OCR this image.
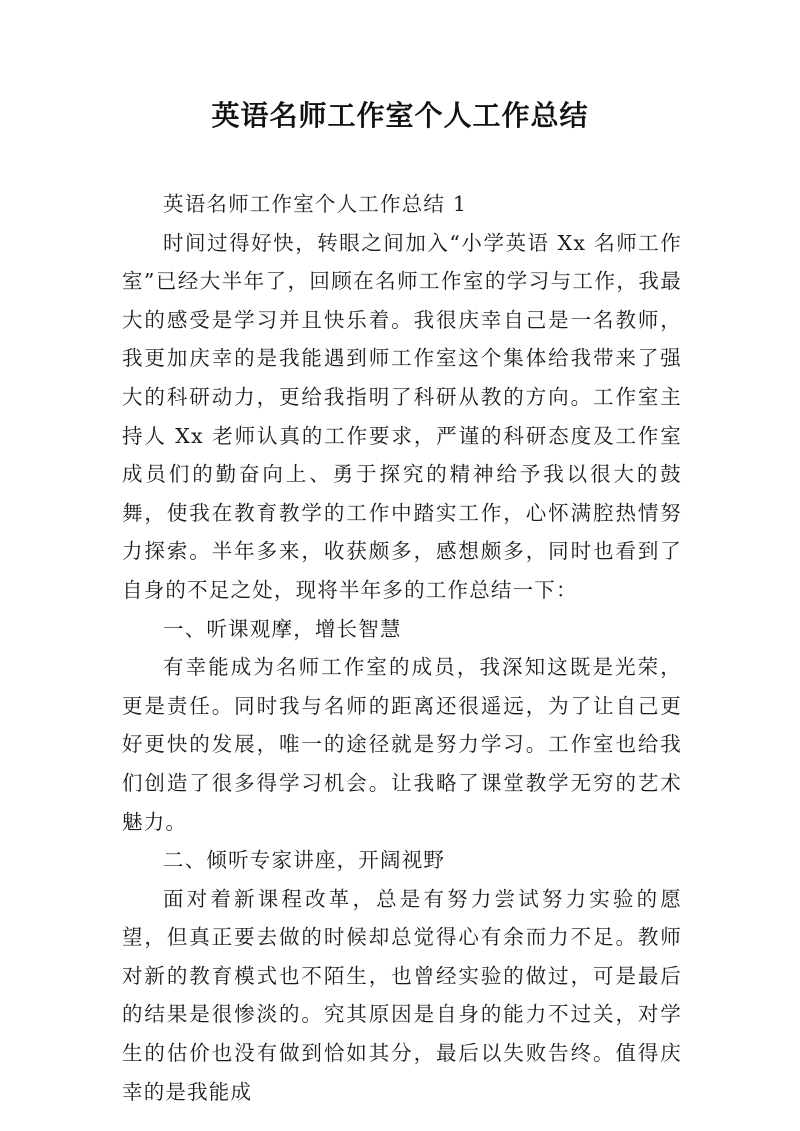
英语名师工作室个人工作总结

英语名师工作室个人工作总结 1

时间过得好快，转眼之间加入“小学英语 Xx 名师工作室”已经大半年了，回顾在名师工作室的学习与工作，我最大的感受是学习并且快乐着。我很庆幸自己是一名教师，我更加庆幸的是我能遇到师工作室这个集体给我带来了强大的科研动力，更给我指明了科研从教的方向。工作室主持人 Xx 老师认真的工作要求，严谨的科研态度及工作室成员们的勤奋向上、勇于探究的精神给予我以很大的鼓舞，使我在教育教学的工作中踏实工作，心怀满腔热情努力探索。半年多来，收获颇多，感想颇多，同时也看到了自身的不足之处，现将半年多的工作总结一下：

一、听课观摩，增长智慧

有幸能成为名师工作室的成员，我深知这既是光荣，更是责任。同时我与名师的距离还很遥远，为了让自己更好更快的发展，唯一的途径就是努力学习。工作室也给我们创造了很多得学习机会。让我略了课堂教学无穷的艺术魅力。

二、倾听专家讲座，开阔视野

面对着新课程改革，总是有努力尝试努力实验的愿望，但真正要去做的时候却总觉得心有余而力不足。教师对新的教育模式也不陌生，也曾经实验的做过，可是最后的结果是很惨淡的。究其原因是自身的能力不过关，对学生的估价也没有做到恰如其分，最后以失败告终。值得庆幸的是我能成
